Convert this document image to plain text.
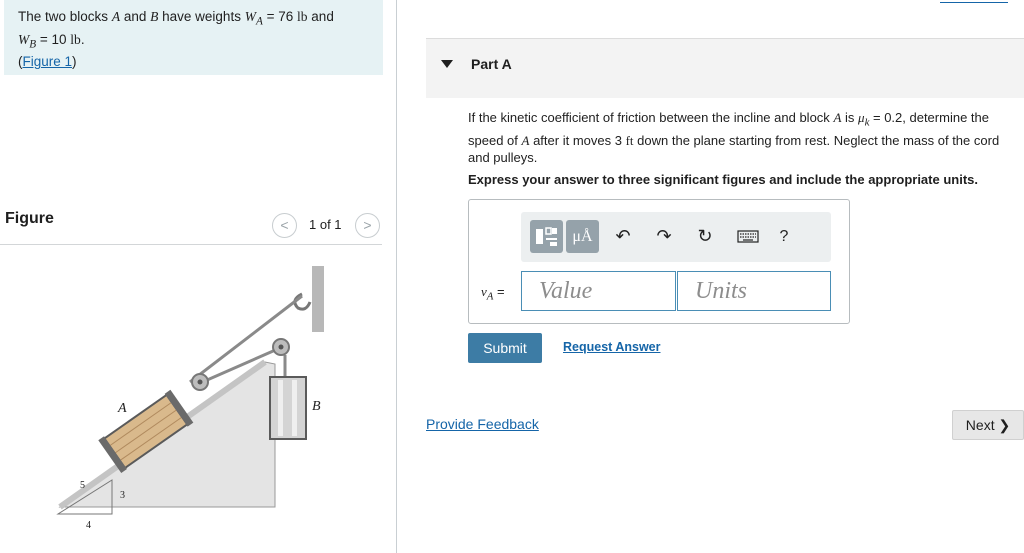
The two blocks A and B have weights $W_A = 76$ lb and
$W_B = 10$ lb.
(Figure 1)
Figure	<	1 of 1	>
A	B
5
3
4
Part A
If the kinetic coefficient of friction between the incline and block A is $\mu_k = 0.2$, determine the speed of A after it moves 3 ft down the plane starting from rest. Neglect the mass of the cord and pulleys.
Express your answer to three significant figures and include the appropriate units.
μÅ	↶	↷	↻	?
$v_A$ =	Value	Units
Submit	Request Answer
Provide Feedback	Next ❯
